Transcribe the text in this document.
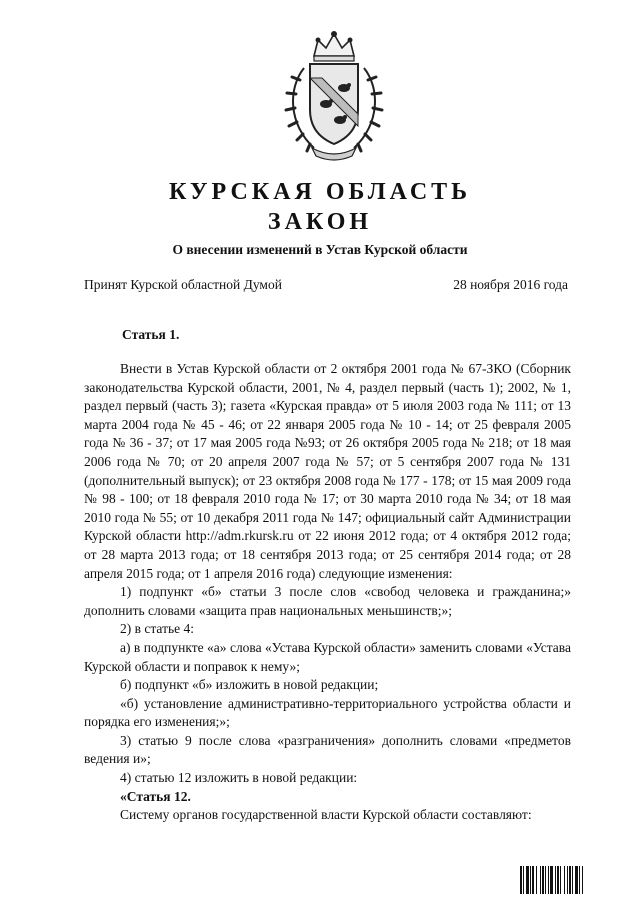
КУРСКАЯ ОБЛАСТЬ
ЗАКОН
О внесении изменений в Устав Курской области
Принят Курской областной Думой	28 ноября 2016 года
Статья 1.

Внести в Устав Курской области от 2 октября 2001 года № 67-ЗКО (Сборник законодательства Курской области, 2001, № 4, раздел первый (часть 1); 2002, № 1, раздел первый (часть 3); газета «Курская правда» от 5 июля 2003 года № 111; от 13 марта 2004 года № 45 - 46; от 22 января 2005 года № 10 - 14; от 25 февраля 2005 года № 36 - 37; от 17 мая 2005 года №93; от 26 октября 2005 года № 218; от 18 мая 2006 года № 70; от 20 апреля 2007 года № 57; от 5 сентября 2007 года № 131 (дополнительный выпуск); от 23 октября 2008 года № 177 - 178; от 15 мая 2009 года № 98 - 100; от 18 февраля 2010 года № 17; от 30 марта 2010 года № 34; от 18 мая 2010 года № 55; от 10 декабря 2011 года № 147; официальный сайт Администрации Курской области http://adm.rkursk.ru от 22 июня 2012 года; от 4 октября 2012 года; от 28 марта 2013 года; от 18 сентября 2013 года; от 25 сентября 2014 года; от 28 апреля 2015 года; от 1 апреля 2016 года) следующие изменения:

1) подпункт «б» статьи 3 после слов «свобод человека и гражданина;» дополнить словами «защита прав национальных меньшинств;»;

2) в статье 4:

а) в подпункте «а» слова «Устава Курской области» заменить словами «Устава Курской области и поправок к нему»;

б) подпункт «б» изложить в новой редакции;

«б) установление административно-территориального устройства области и порядка его изменения;»;

3) статью 9 после слова «разграничения» дополнить словами «предметов ведения и»;

4) статью 12 изложить в новой редакции:

«Статья 12.

Систему органов государственной власти Курской области составляют:
